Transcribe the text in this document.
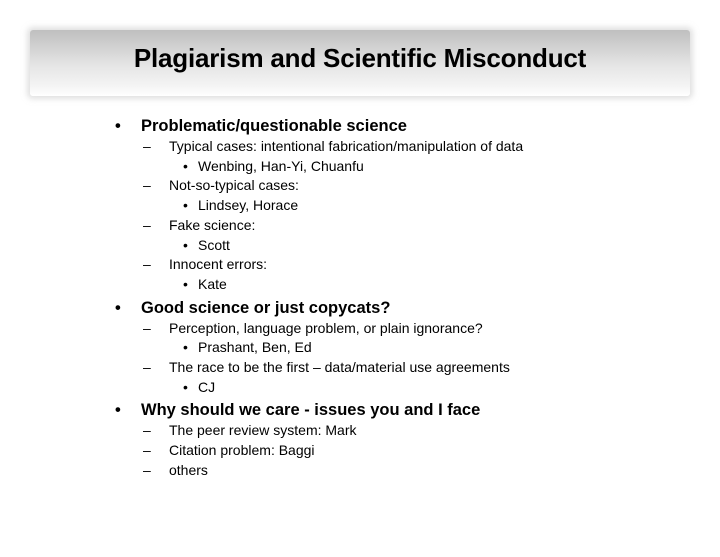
Plagiarism and Scientific Misconduct
• Problematic/questionable science
– Typical cases: intentional fabrication/manipulation of data
• Wenbing, Han-Yi, Chuanfu
– Not-so-typical cases:
• Lindsey, Horace
– Fake science:
• Scott
– Innocent errors:
• Kate
• Good science or just copycats?
– Perception, language problem, or plain ignorance?
• Prashant, Ben, Ed
– The race to be the first – data/material use agreements
• CJ
• Why should we care - issues you and I face
– The peer review system: Mark
– Citation problem: Baggi
– others
